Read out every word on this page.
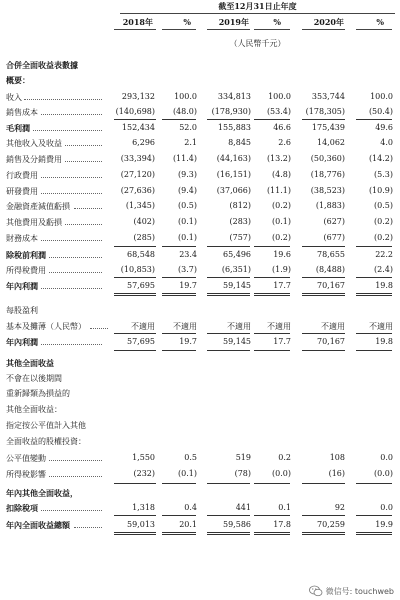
截至12月31日止年度
2018年	%	2019年	%	2020年	%
（人民幣千元）
合併全面收益表數據
概要：
收入	293,132	100.0	334,813	100.0	353,744	100.0
銷售成本	(140,698)	(48.0)	(178,930)	(53.4)	(178,305)	(50.4)
毛利潤	152,434	52.0	155,883	46.6	175,439	49.6
其他收入及收益	6,296	2.1	8,845	2.6	14,062	4.0
銷售及分銷費用	(33,394)	(11.4)	(44,163)	(13.2)	(50,360)	(14.2)
行政費用	(27,120)	(9.3)	(16,151)	(4.8)	(18,776)	(5.3)
研發費用	(27,636)	(9.4)	(37,066)	(11.1)	(38,523)	(10.9)
金融資產減值虧損	(1,345)	(0.5)	(812)	(0.2)	(1,883)	(0.5)
其他費用及虧損	(402)	(0.1)	(283)	(0.1)	(627)	(0.2)
財務成本	(285)	(0.1)	(757)	(0.2)	(677)	(0.2)
除稅前利潤	68,548	23.4	65,496	19.6	78,655	22.2
所得稅費用	(10,853)	(3.7)	(6,351)	(1.9)	(8,488)	(2.4)
年內利潤	57,695	19.7	59,145	17.7	70,167	19.8
每股盈利
基本及攤薄（人民幣）	不適用	不適用	不適用	不適用	不適用	不適用
年內利潤	57,695	19.7	59,145	17.7	70,167	19.8
其他全面收益
不會在以後期間
重新歸類為損益的
其他全面收益：
指定按公平值計入其他
全面收益的股權投資：
公平值變動	1,550	0.5	519	0.2	108	0.0
所得稅影響	(232)	(0.1)	(78)	(0.0)	(16)	(0.0)
年內其他全面收益，
扣除稅項	1,318	0.4	441	0.1	92	0.0
年內全面收益總額	59,013	20.1	59,586	17.8	70,259	19.9
微信号: touchweb
